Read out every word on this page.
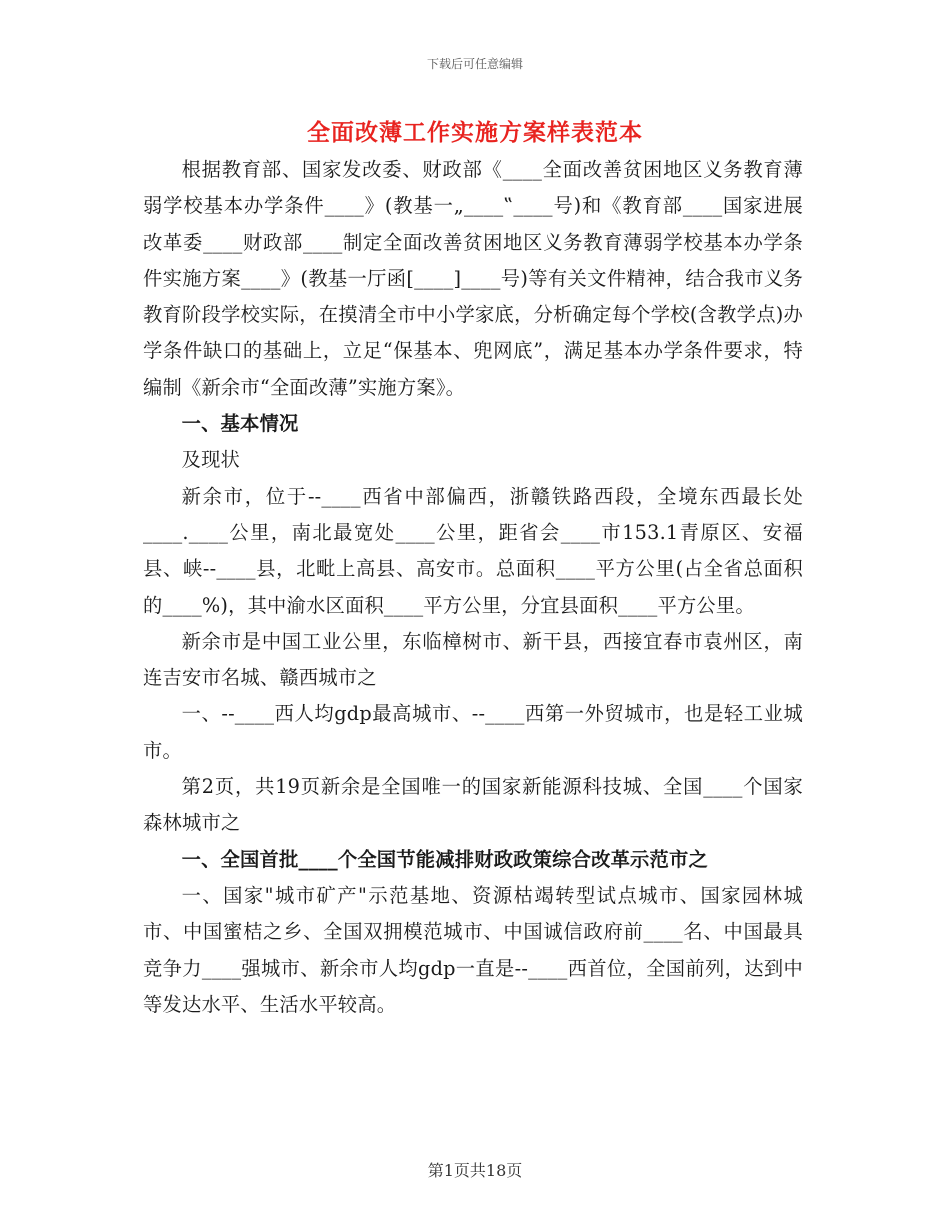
下载后可任意编辑
全面改薄工作实施方案样表范本

根据教育部、国家发改委、财政部《____全面改善贫困地区义务教育薄弱学校基本办学条件____》(教基一„____‟____号)和《教育部____国家进展改革委____财政部____制定全面改善贫困地区义务教育薄弱学校基本办学条件实施方案____》(教基一厅函[____]____号)等有关文件精神，结合我市义务教育阶段学校实际，在摸清全市中小学家底，分析确定每个学校(含教学点)办学条件缺口的基础上，立足“保基本、兜网底”，满足基本办学条件要求，特编制《新余市“全面改薄”实施方案》。

一、基本情况

及现状

新余市，位于--____西省中部偏西，浙赣铁路西段，全境东西最长处____.____公里，南北最宽处____公里，距省会____市153.1青原区、安福县、峡--____县，北毗上高县、高安市。总面积____平方公里(占全省总面积的____%)，其中渝水区面积____平方公里，分宜县面积____平方公里。

新余市是中国工业公里，东临樟树市、新干县，西接宜春市袁州区，南连吉安市名城、赣西城市之

一、--____西人均gdp最高城市、--____西第一外贸城市，也是轻工业城市。

第2页，共19页新余是全国唯一的国家新能源科技城、全国____个国家森林城市之

一、全国首批____个全国节能减排财政政策综合改革示范市之

一、国家"城市矿产"示范基地、资源枯竭转型试点城市、国家园林城市、中国蜜桔之乡、全国双拥模范城市、中国诚信政府前____名、中国最具竞争力____强城市、新余市人均gdp一直是--____西首位，全国前列，达到中等发达水平、生活水平较高。

第1页共18页
